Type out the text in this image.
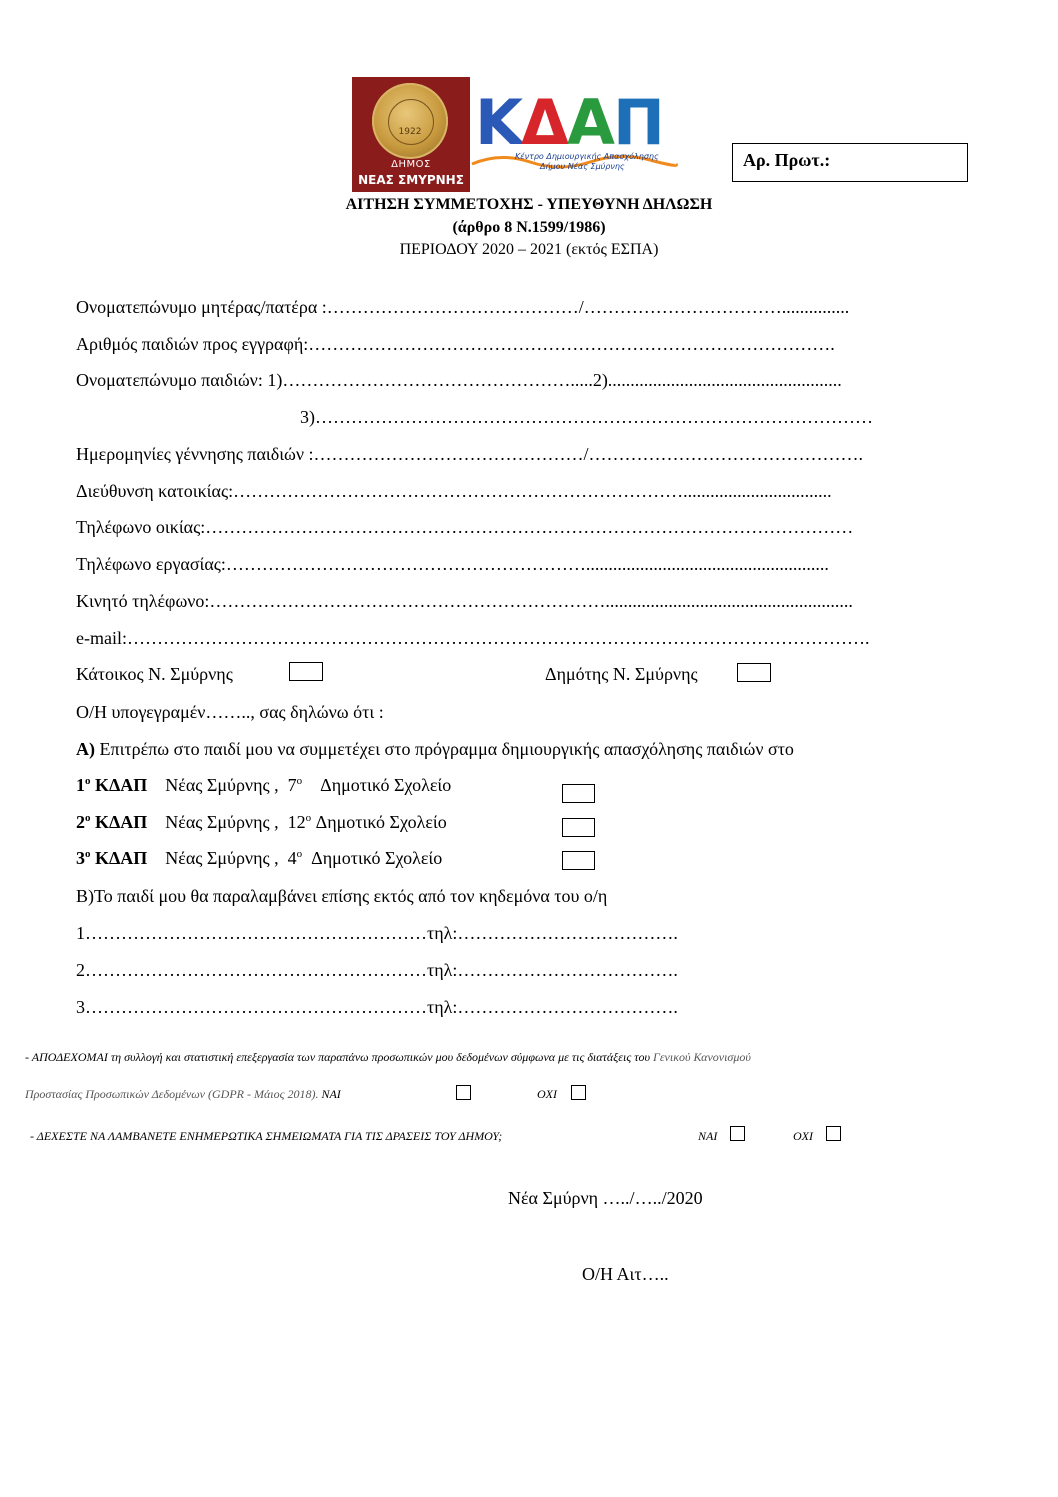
1922
ΔΗΜΟΣ
ΝΕΑΣ ΣΜΥΡΝΗΣ
ΚΔΑΠ
Κέντρο Δημιουργικής Απασχόλησης
Δήμου Νέας Σμύρνης	Αρ. Πρωτ.:
ΑΙΤΗΣΗ ΣΥΜΜΕΤΟΧΗΣ - ΥΠΕΥΘΥΝΗ ΔΗΛΩΣΗ
(άρθρο 8 Ν.1599/1986)
ΠΕΡΙΟΔΟΥ 2020 – 2021 (εκτός ΕΣΠΑ)
Ονοματεπώνυμο μητέρας/πατέρα :……………………………………/……………………………...............
Αριθμός παιδιών προς εγγραφή:…………………………………………………………………………….
Ονοματεπώνυμο παιδιών: 1)………………………………………….....2)....................................................
3)…………………………………………………………………………………
Ημερομηνίες γέννησης παιδιών :………………………………………/……………………………………….
Διεύθυνση κατοικίας:………………………………………………………………….................................
Τηλέφωνο οικίας:………………………………………………………………………………………………
Τηλέφωνο εργασίας:……………………………………………………......................................................
Κινητό τηλέφωνο:………………………………………………………….......................................................
e-mail:…………………………………………………………………………………………………………….
Κάτοικος Ν. Σμύρνης	Δημότης Ν. Σμύρνης
Ο/Η υπογεγραμέν…….., σας δηλώνω ότι :
Α) Επιτρέπω στο παιδί μου να συμμετέχει στο πρόγραμμα δημιουργικής απασχόλησης παιδιών στο
$1^o$ ΚΔΑΠ Νέας Σμύρνης , $7^o$ Δημοτικό Σχολείο
$2^o$ ΚΔΑΠ Νέας Σμύρνης , $12^o$ Δημοτικό Σχολείο
$3^o$ ΚΔΑΠ Νέας Σμύρνης , $4^o$ Δημοτικό Σχολείο
Β)Το παιδί μου θα παραλαμβάνει επίσης εκτός από τον κηδεμόνα του ο/η
1…………………………………………………τηλ:……………………………….
2…………………………………………………τηλ:……………………………….
3…………………………………………………τηλ:……………………………….
- ΑΠΟΔΕΧΟΜΑΙ τη συλλογή και στατιστική επεξεργασία των παραπάνω προσωπικών μου δεδομένων σύμφωνα με τις διατάξεις του Γενικού Κανονισμού
Προστασίας Προσωπικών Δεδομένων (GDPR - Μάιος 2018). ΝΑΙ	ΟΧΙ
- ΔΕΧΕΣΤΕ ΝΑ ΛΑΜΒΑΝΕΤΕ ΕΝΗΜΕΡΩΤΙΚΑ ΣΗΜΕΙΩΜΑΤΑ ΓΙΑ ΤΙΣ ΔΡΑΣΕΙΣ ΤΟΥ ΔΗΜΟΥ;	ΝΑΙ	ΟΧΙ
Νέα Σμύρνη …../…../2020
Ο/Η Αιτ…..
